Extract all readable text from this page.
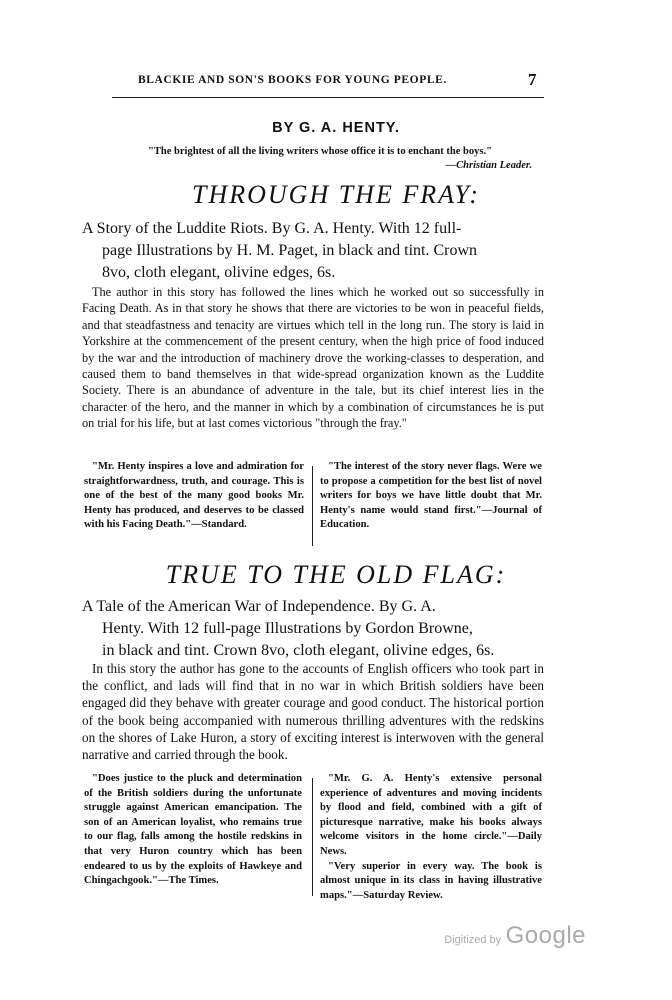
BLACKIE AND SON'S BOOKS FOR YOUNG PEOPLE.	7
BY G. A. HENTY.
"The brightest of all the living writers whose office it is to enchant the boys."
—Christian Leader.
THROUGH THE FRAY:
A Story of the Luddite Riots. By G. A. Henty. With 12 full-
page Illustrations by H. M. Paget, in black and tint. Crown
8vo, cloth elegant, olivine edges, 6s.
The author in this story has followed the lines which he worked out so successfully in Facing Death. As in that story he shows that there are victories to be won in peaceful fields, and that steadfastness and tenacity are virtues which tell in the long run. The story is laid in Yorkshire at the commencement of the present century, when the high price of food induced by the war and the introduction of machinery drove the working-classes to desperation, and caused them to band themselves in that wide-spread organization known as the Luddite Society. There is an abundance of adventure in the tale, but its chief interest lies in the character of the hero, and the manner in which by a combination of circumstances he is put on trial for his life, but at last comes victorious "through the fray."

"Mr. Henty inspires a love and admiration for straightforwardness, truth, and courage. This is one of the best of the many good books Mr. Henty has produced, and deserves to be classed with his Facing Death."—Standard.

"The interest of the story never flags. Were we to propose a competition for the best list of novel writers for boys we have little doubt that Mr. Henty's name would stand first."—Journal of Education.

TRUE TO THE OLD FLAG:
A Tale of the American War of Independence. By G. A.
Henty. With 12 full-page Illustrations by Gordon Browne,
in black and tint. Crown 8vo, cloth elegant, olivine edges, 6s.
In this story the author has gone to the accounts of English officers who took part in the conflict, and lads will find that in no war in which British soldiers have been engaged did they behave with greater courage and good conduct. The historical portion of the book being accompanied with numerous thrilling adventures with the redskins on the shores of Lake Huron, a story of exciting interest is interwoven with the general narrative and carried through the book.

"Does justice to the pluck and determination of the British soldiers during the unfortunate struggle against American emancipation. The son of an American loyalist, who remains true to our flag, falls among the hostile redskins in that very Huron country which has been endeared to us by the exploits of Hawkeye and Chingachgook."—The Times.

"Mr. G. A. Henty's extensive personal experience of adventures and moving incidents by flood and field, combined with a gift of picturesque narrative, make his books always welcome visitors in the home circle."—Daily News.

"Very superior in every way. The book is almost unique in its class in having illustrative maps."—Saturday Review.

Digitized by Google
